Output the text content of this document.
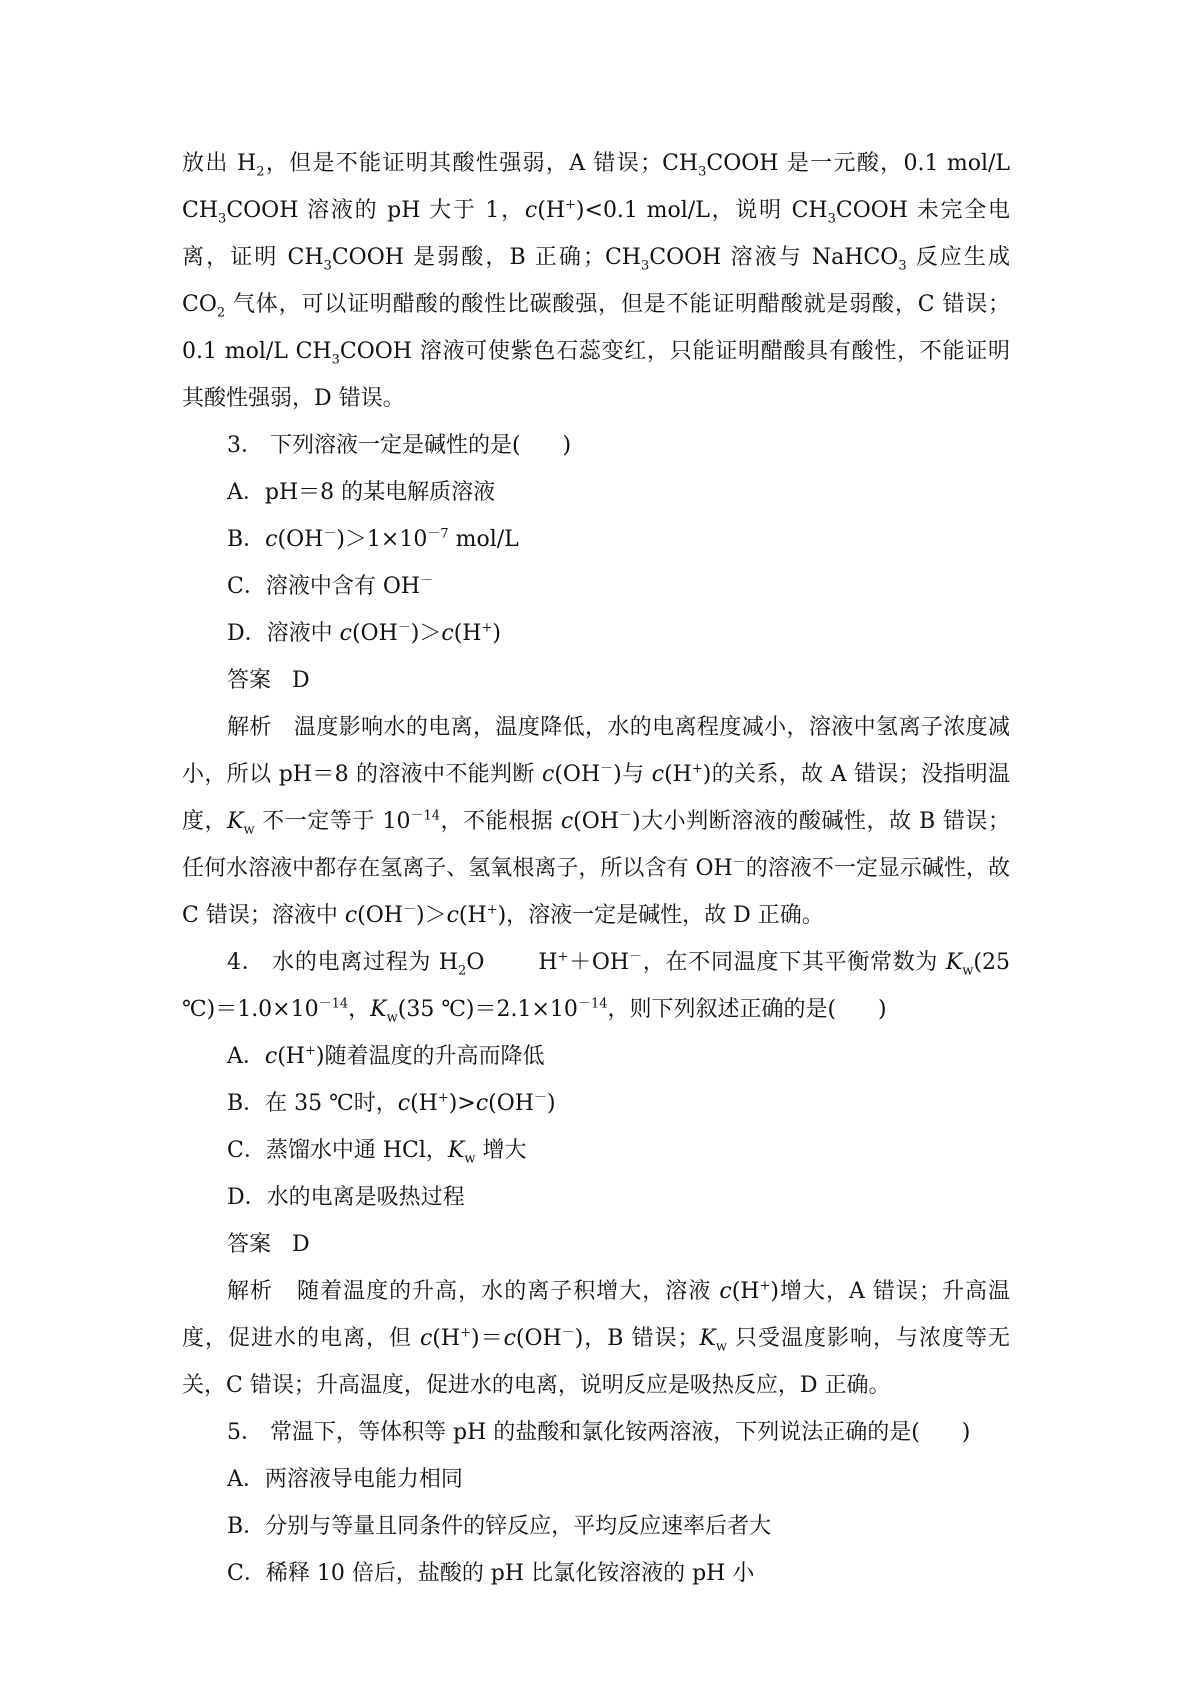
放出 $H_2$，但是不能证明其酸性强弱，A 错误；$CH_3COOH$ 是一元酸，0.1 mol/L $CH_3COOH$ 溶液的 pH 大于 1，c(H+)<0.1 mol/L，说明 $CH_3COOH$ 未完全电离，证明 $CH_3COOH$ 是弱酸，B 正确；$CH_3COOH$ 溶液与 NaHCO$_3$ 反应生成 $CO_2$ 气体，可以证明醋酸的酸性比碳酸强，但是不能证明醋酸就是弱酸，C 错误；0.1 mol/L $CH_3COOH$ 溶液可使紫色石蕊变红，只能证明醋酸具有酸性，不能证明其酸性强弱，D 错误。

3． 下列溶液一定是碱性的是(      )

A．pH＝8 的某电解质溶液

B．$c(OH^-)>1\times 10^{-7}$ mol/L

C．溶液中含有 OH－

D．溶液中 c(OH－)＞c(H+)

答案   D

解析   温度影响水的电离，温度降低，水的电离程度减小，溶液中氢离子浓度减小，所以 pH＝8 的溶液中不能判断 c(OH－)与 c(H+)的关系，故 A 错误；没指明温度，$K_w$ 不一定等于 $10^{-14}$，不能根据 c(OH－)大小判断溶液的酸碱性，故 B 错误；任何水溶液中都存在氢离子、氢氧根离子，所以含有 OH－的溶液不一定显示碱性，故 C 错误；溶液中 c(OH－)＞c(H+)，溶液一定是碱性，故 D 正确。

4． 水的电离过程为 $H_2O$       H+＋OH－，在不同温度下其平衡常数为 $K_w(25$ $℃)=1.0\times 10^{-14}$，$K_w(35$ $℃)=2.1\times 10^{-14}$，则下列叙述正确的是(      )

A．c(H+)随着温度的升高而降低

B．在 35 ℃时，c(H+)>c(OH－)

C．蒸馏水中通 HCl，$K_w$ 增大

D．水的电离是吸热过程

答案   D

解析   随着温度的升高，水的离子积增大，溶液 c(H+)增大，A 错误；升高温度，促进水的电离，但 c(H+)＝c(OH－)，B 错误；$K_w$ 只受温度影响，与浓度等无关，C 错误；升高温度，促进水的电离，说明反应是吸热反应，D 正确。

5． 常温下，等体积等 pH 的盐酸和氯化铵两溶液，下列说法正确的是(      )

A．两溶液导电能力相同

B．分别与等量且同条件的锌反应，平均反应速率后者大

C．稀释 10 倍后，盐酸的 pH 比氯化铵溶液的 pH 小
